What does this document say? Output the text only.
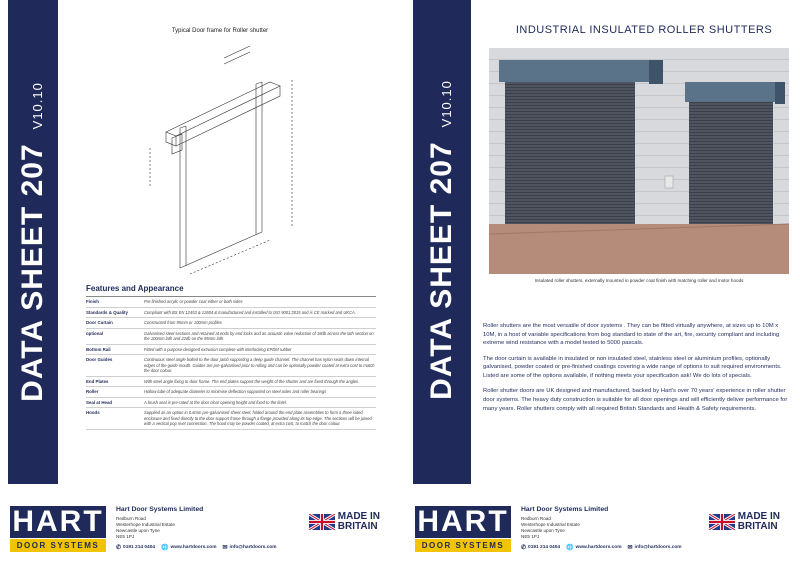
DATA SHEET 207V10.10
Typical Door frame for Roller shutter
Features and Appearance
Finish	Pre finished acrylic or powder coat either or both sides
Standards & Quality	Compliant with BS EN 12453 & 12604 & manufactured and installed to ISO 9001:2015 and is CE marked and UKCA.
Door Curtain	Constructed from 95mm or 100mm profiles
optional	Galvanised steel sections and retained at ends by end locks and an acoustic valve reduction of 18db across the lath section on the 100mm lath and 22db on the 95mm lath
Bottom Rail	Fitted with a purpose-designed extrusion complete with interlocking EPDM rubber
Door Guides	Continuous steel angle bolted to the door jamb supporting a deep guide channel. The channel has nylon seals down internal edges of the guide mouth. Guides are pre-galvanised prior to rolling and can be optionally powder coated at extra cost to match the door colour.
End Plates	With steel angle fixing to door frame. The end plates support the weight of the shutter and are fixed through the angles.
Roller	Hollow tube of adequate diameter to minimise deflection supported on steel axles and roller bearings
Seal at Head	A brush seal is pre-rated at the door clear opening height and fixed to the lintel.
Hoods	Supplied as an option in 0.6mm pre-galvanised sheet steel, folded around the end plate assemblies to form a three sided enclosure and fixed directly to the door support frame through a flange provided along its top edge. The sections will be joined with a vertical pop rivet connection. The hood may be powder coated, at extra cost, to match the door colour.
HART
DOOR SYSTEMS
Hart Door Systems Limited
Redburn Road
Westerhope Industrial Estate
Newcastle upon Tyne
NE5 1PJ
✆ 0191 214 0404 🌐 www.hartdoors.com ✉ info@hartdoors.com
MADE IN
BRITAIN
DATA SHEET 207V10.10
INDUSTRIAL INSULATED ROLLER SHUTTERS
Insulated roller shutters, externally mounted in powder coat finish with matching roller and motor hoods

Roller shutters are the most versatile of door systems . They can be fitted virtually anywhere, at sizes up to 10M x 10M, in a host of variable specifications from bog standard to state of the art, fire, security compliant and including extreme wind resistance with a model tested to 5000 pascals.

The door curtain is available in insulated or non insulated steel, stainless steel or aluminium profiles, optionally galvanised, powder coated or pre-finished coatings covering a wide range of options to suit required environments. Listed are some of the options available, if nothing meets your specification ask! We do lots of specials.

Roller shutter doors are UK designed and manufactured, backed by Hart's over 70 years' experience in roller shutter door systems. The heavy duty construction is suitable for all door openings and will efficiently deliver performance for many years. Roller shutters comply with all required British Standards and Health & Safety requirements.

HART
DOOR SYSTEMS
Hart Door Systems Limited
Redburn Road
Westerhope Industrial Estate
Newcastle upon Tyne
NE5 1PJ
✆ 0191 214 0404 🌐 www.hartdoors.com ✉ info@hartdoors.com
MADE IN
BRITAIN
